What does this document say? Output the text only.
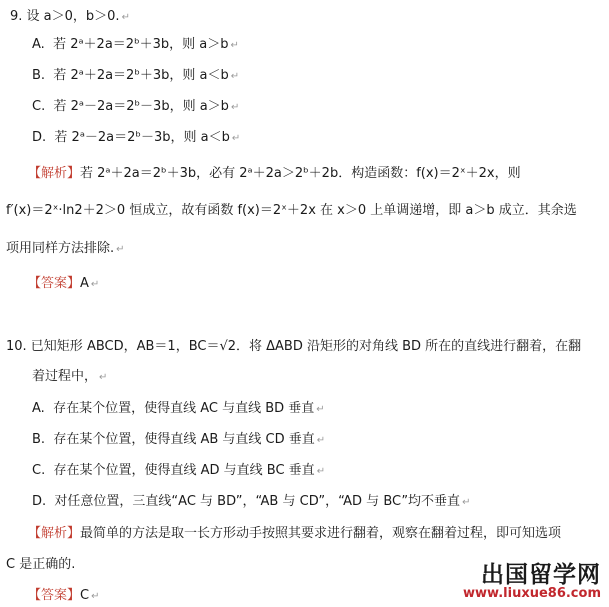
9. 设 a＞0，b＞0. ↵
A. 若 2ᵃ＋2a＝2ᵇ＋3b，则 a＞b ↵
B. 若 2ᵃ＋2a＝2ᵇ＋3b，则 a＜b ↵
C. 若 2ᵃ－2a＝2ᵇ－3b，则 a＞b ↵
D. 若 2ᵃ－2a＝2ᵇ－3b，则 a＜b ↵
【解析】若 2ᵃ＋2a＝2ᵇ＋3b，必有 2ᵃ＋2a＞2ᵇ＋2b．构造函数：f(x)＝2ˣ＋2x，则
f′(x)＝2ˣ·ln2＋2＞0 恒成立，故有函数 f(x)＝2ˣ＋2x 在 x＞0 上单调递增，即 a＞b 成立．其余选
项用同样方法排除. ↵
【答案】A ↵
10. 已知矩形 ABCD，AB＝1，BC＝√2．将 ΔABD 沿矩形的对角线 BD 所在的直线进行翻着，在翻
着过程中， ↵
A. 存在某个位置，使得直线 AC 与直线 BD 垂直 ↵
B. 存在某个位置，使得直线 AB 与直线 CD 垂直 ↵
C. 存在某个位置，使得直线 AD 与直线 BC 垂直 ↵
D. 对任意位置，三直线“AC 与 BD”，“AB 与 CD”，“AD 与 BC”均不垂直 ↵
【解析】最简单的方法是取一长方形动手按照其要求进行翻着，观察在翻着过程，即可知选项
C 是正确的.
【答案】C ↵
出国留学网
www.liuxue86.com
